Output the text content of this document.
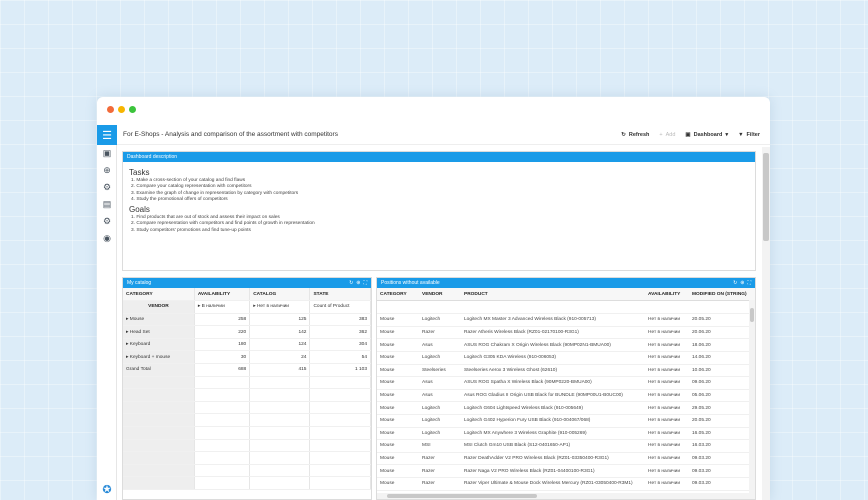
☰
▣
⊕
⚙
▤
⚙
◉
✪
For E-Shops - Analysis and comparison of the assortment with competitors	↻ Refresh + Add ▣ Dashboard ▾ ▼ Filter
Dashboard description
Tasks
1. Make a cross-section of your catalog and find flaws
2. Compare your catalog representation with competitors
3. Examine the graph of change in representation by category with competitors
4. Study the promotional offers of competitors
Goals
1. Find products that are out of stock and assess their impact on sales
2. Compare representation with competitors and find points of growth in representation
3. Study competitors' promotions and find tune-up points
My catalog	↻ ⊕ ⛶
CATEGORY	AVAILABILITY	CATALOG	STATE
VENDOR	▸ В наличии	▸ Нет в наличии	Count of Product
▸ Mouse	258	125	383
▸ Head Set	220	142	362
▸ Keyboard	180	124	304
▸ Keyboard + mouse	30	24	54
Grand Total	688	415	1 103

Positions without available	↻ ⊕ ⛶
CATEGORY	VENDOR	PRODUCT	AVAILABILITY	MODIFIED ON (STRING)

Mouse	Logitech	Logitech MX Master 3 Advanced Wireless Black (910-005713)	Нет в наличии	20.05.20
Mouse	Razer	Razer Atheris Wireless Black (RZ01-02170100-R3G1)	Нет в наличии	20.06.20
Mouse	Asus	ASUS ROG Chakram X Origin Wireless Black (90MP02N1-BMUA00)	Нет в наличии	18.06.20
Mouse	Logitech	Logitech G305 KDA Wireless (910-006053)	Нет в наличии	14.06.20
Mouse	Steelseries	Steelseries Aerox 3 Wireless Ghost (62610)	Нет в наличии	10.06.20
Mouse	Asus	ASUS ROG Spatha X Wireless Black (90MP0220-BMUA00)	Нет в наличии	09.06.20
Mouse	Asus	Asus ROG Gladius II Origin USB Black for BUNDLE (90MP00U1-B0UC00)	Нет в наличии	05.06.20
Mouse	Logitech	Logitech G604 Lightspeed Wireless Black (910-005649)	Нет в наличии	29.05.20
Mouse	Logitech	Logitech G402 Hyperion Fury USB Black (910-004067/068)	Нет в наличии	20.05.20
Mouse	Logitech	Logitech MX Anywhere 3 Wireless Graphite (910-005269)	Нет в наличии	16.05.20
Mouse	MSI	MSI Clutch Gm10 USB Black (S12-0401650-AP1)	Нет в наличии	16.03.20
Mouse	Razer	Razer DeathAdder V2 PRO Wireless Black (RZ01-03350400-R3G1)	Нет в наличии	09.03.20
Mouse	Razer	Razer Naga V2 PRO Wireless Black (RZ01-04400100-R3G1)	Нет в наличии	09.03.20
Mouse	Razer	Razer Viper Ultimate & Mouse Dock Wireless Mercury (RZ01-03050400-R3M1)	Нет в наличии	09.03.20
